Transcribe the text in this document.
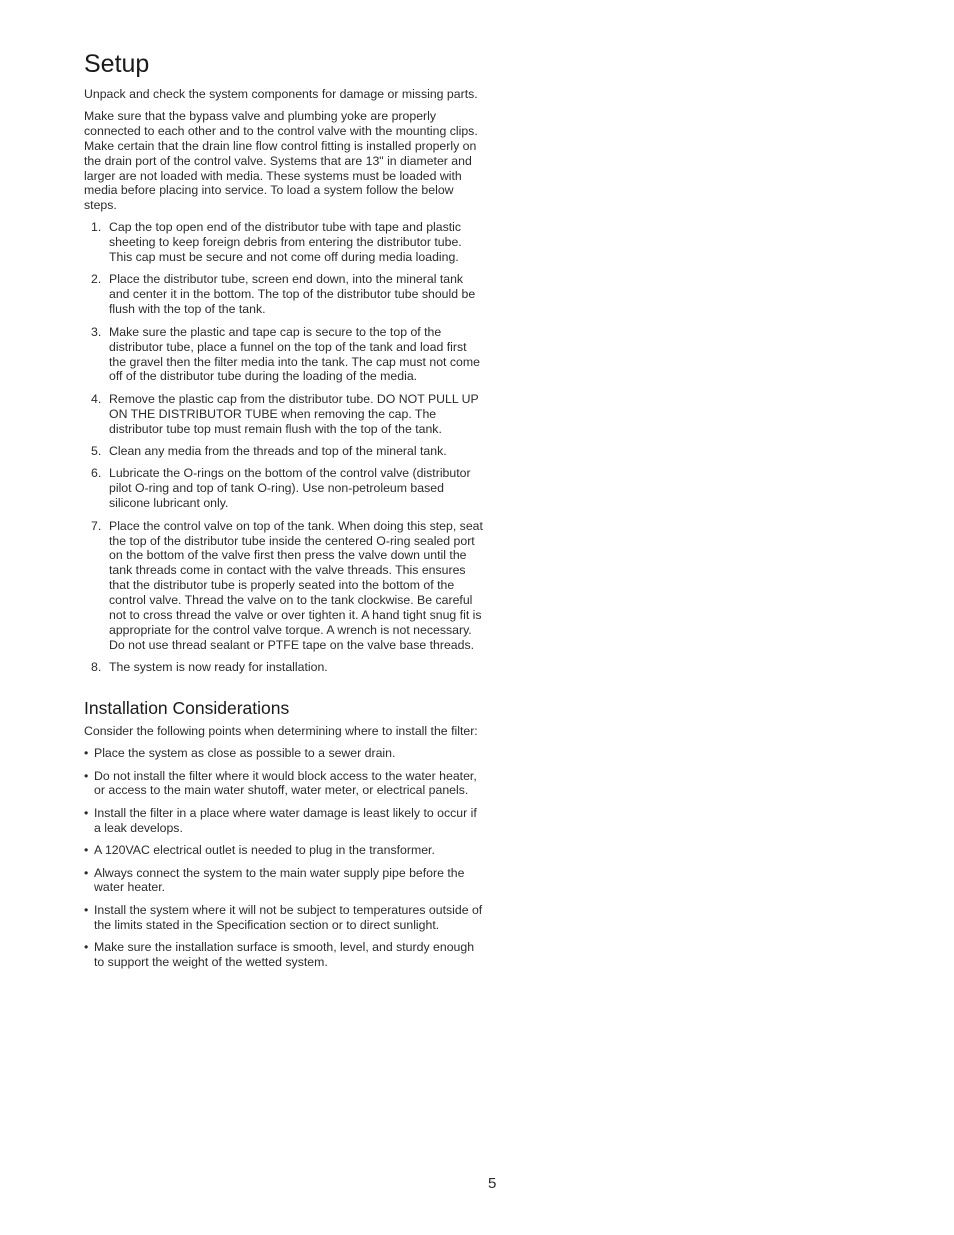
Setup

Unpack and check the system components for damage or missing parts.

Make sure that the bypass valve and plumbing yoke are properly connected to each other and to the control valve with the mounting clips. Make certain that the drain line flow control fitting is installed properly on the drain port of the control valve. Systems that are 13" in diameter and larger are not loaded with media. These systems must be loaded with media before placing into service. To load a system follow the below steps.

1. Cap the top open end of the distributor tube with tape and plastic sheeting to keep foreign debris from entering the distributor tube. This cap must be secure and not come off during media loading.
2. Place the distributor tube, screen end down, into the mineral tank and center it in the bottom. The top of the distributor tube should be flush with the top of the tank.
3. Make sure the plastic and tape cap is secure to the top of the distributor tube, place a funnel on the top of the tank and load first the gravel then the filter media into the tank. The cap must not come off of the distributor tube during the loading of the media.
4. Remove the plastic cap from the distributor tube. DO NOT PULL UP ON THE DISTRIBUTOR TUBE when removing the cap. The distributor tube top must remain flush with the top of the tank.
5. Clean any media from the threads and top of the mineral tank.
6. Lubricate the O-rings on the bottom of the control valve (distributor pilot O-ring and top of tank O-ring). Use non-petroleum based silicone lubricant only.
7. Place the control valve on top of the tank. When doing this step, seat the top of the distributor tube inside the centered O-ring sealed port on the bottom of the valve first then press the valve down until the tank threads come in contact with the valve threads. This ensures that the distributor tube is properly seated into the bottom of the control valve. Thread the valve on to the tank clockwise. Be careful not to cross thread the valve or over tighten it. A hand tight snug fit is appropriate for the control valve torque. A wrench is not necessary. Do not use thread sealant or PTFE tape on the valve base threads.
8. The system is now ready for installation.
Installation Considerations

Consider the following points when determining where to install the filter:

• Place the system as close as possible to a sewer drain.
• Do not install the filter where it would block access to the water heater, or access to the main water shutoff, water meter, or electrical panels.
• Install the filter in a place where water damage is least likely to occur if a leak develops.
• A 120VAC electrical outlet is needed to plug in the transformer.
• Always connect the system to the main water supply pipe before the water heater.
• Install the system where it will not be subject to temperatures outside of the limits stated in the Specification section or to direct sunlight.
• Make sure the installation surface is smooth, level, and sturdy enough to support the weight of the wetted system.
5
